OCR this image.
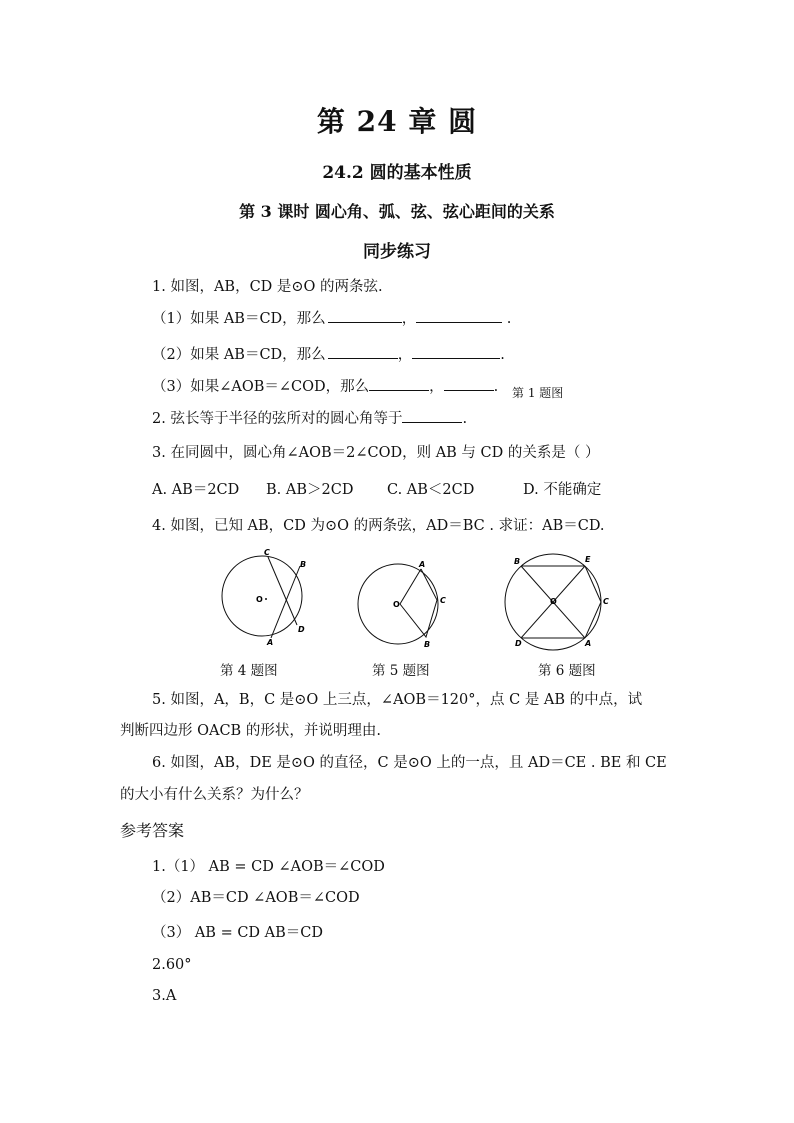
第 24 章 圆
24.2 圆的基本性质
第 3 课时 圆心角、弧、弦、弦心距间的关系
同步练习
1. 如图，AB，CD 是⊙O 的两条弦.
（1）如果 AB＝CD，那么	，	.
（2）如果 AB＝CD，那么	，	.
（3）如果∠AOB＝∠COD，那么	，	. 第 1 题图
2. 弦长等于半径的弦所对的圆心角等于	.
3. 在同圆中，圆心角∠AOB＝2∠COD，则 AB 与 CD 的关系是（ ）
A. AB＝2CD B. AB＞2CD C. AB＜2CD	D. 不能确定
4. 如图，已知 AB，CD 为⊙O 的两条弦，AD＝BC . 求证：AB＝CD.
O
C
B
D
A
O
A
C
B
O
B	E
C
D	A
第 4 题图	第 5 题图	第 6 题图
5. 如图，A，B，C 是⊙O 上三点，∠AOB＝120°，点 C 是 AB 的中点，试
判断四边形 OACB 的形状，并说明理由.
6. 如图，AB，DE 是⊙O 的直径，C 是⊙O 上的一点，且 AD＝CE . BE 和 CE
的大小有什么关系？为什么？
参考答案
1.（1） AB = CD ∠AOB＝∠COD
（2）AB＝CD ∠AOB＝∠COD
（3） AB = CD AB＝CD
2.60°
3.A
